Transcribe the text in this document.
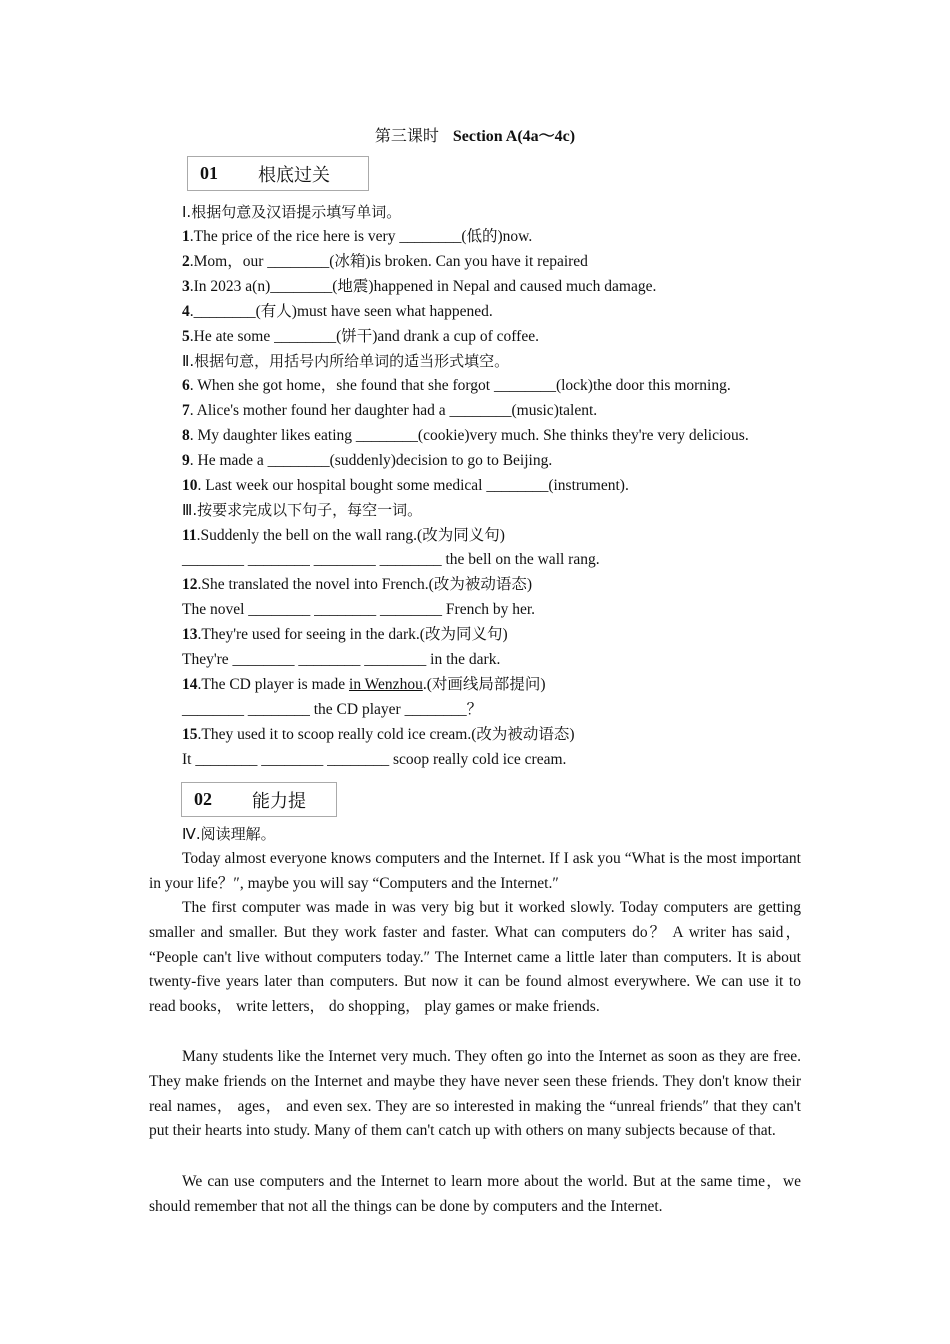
第三课时 Section A(4a～4c)
01	根底过关
Ⅰ.根据句意及汉语提示填写单词。
1.The price of the rice here is very ________(低的)now.
2.Mom，our ________(冰箱)is broken. Can you have it repaired
3.In 2023 a(n)________(地震)happened in Nepal and caused much damage.
4.________(有人)must have seen what happened.
5.He ate some ________(饼干)and drank a cup of coffee.
Ⅱ.根据句意，用括号内所给单词的适当形式填空。
6. When she got home，she found that she forgot ________(lock)the door this morning.
7. Alice's mother found her daughter had a ________(music)talent.
8. My daughter likes eating ________(cookie)very much. She thinks they're very delicious.
9. He made a ________(suddenly)decision to go to Beijing.
10. Last week our hospital bought some medical ________(instrument).
Ⅲ.按要求完成以下句子，每空一词。
11.Suddenly the bell on the wall rang.(改为同义句)
________ ________ ________ ________ the bell on the wall rang.
12.She translated the novel into French.(改为被动语态)
The novel ________ ________ ________ French by her.
13.They're used for seeing in the dark.(改为同义句)
They're ________ ________ ________ in the dark.
14.The CD player is made in Wenzhou.(对画线局部提问)
________ ________ the CD player ________？
15.They used it to scoop really cold ice cream.(改为被动语态)
It ________ ________ ________ scoop really cold ice cream.
02	能力提
Ⅳ.阅读理解。

Today almost everyone knows computers and the Internet. If I ask you “What is the most important in your life？″, maybe you will say “Computers and the Internet.″

The first computer was made in was very big but it worked slowly. Today computers are getting smaller and smaller. But they work faster and faster. What can computers do？ A writer has said， “People can't live without computers today.″ The Internet came a little later than computers. It is about twenty-five years later than computers. But now it can be found almost everywhere. We can use it to read books， write letters， do shopping， play games or make friends.

Many students like the Internet very much. They often go into the Internet as soon as they are free. They make friends on the Internet and maybe they have never seen these friends. They don't know their real names， ages， and even sex. They are so interested in making the “unreal friends″ that they can't put their hearts into study. Many of them can't catch up with others on many subjects because of that.

We can use computers and the Internet to learn more about the world. But at the same time，we should remember that not all the things can be done by computers and the Internet.
